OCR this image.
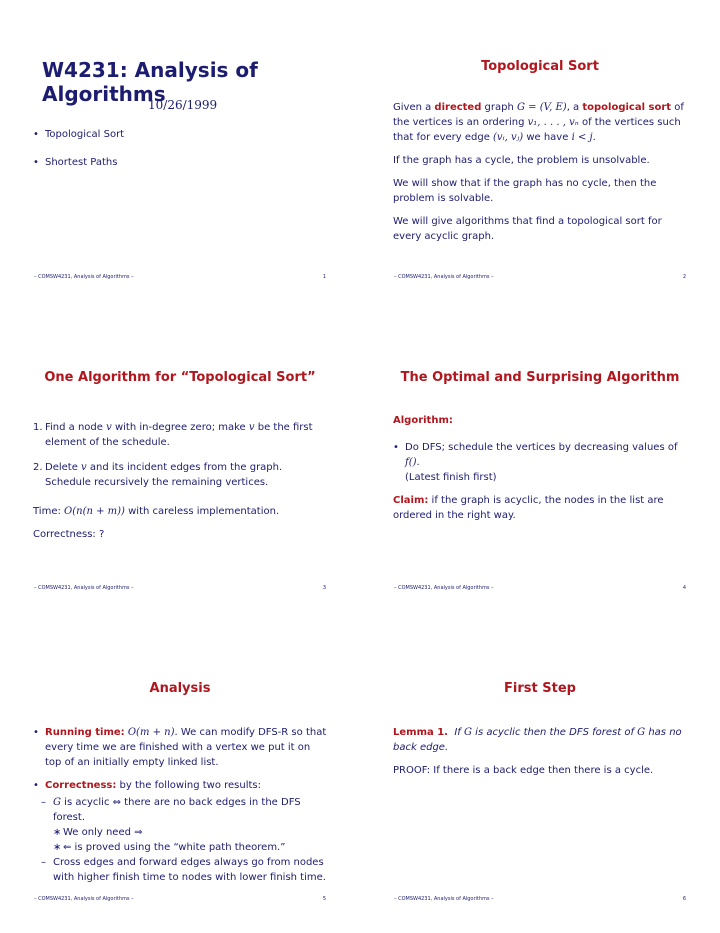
W4231: Analysis of Algorithms
10/26/1999
• Topological Sort
• Shortest Paths
– COMSW4231, Analysis of Algorithms –	1
Topological Sort

Given a directed graph G = (V, E), a topological sort of the vertices is an ordering v₁, . . . , vₙ of the vertices such that for every edge (vᵢ, vⱼ) we have i < j.

If the graph has a cycle, the problem is unsolvable.

We will show that if the graph has no cycle, then the problem is solvable.

We will give algorithms that find a topological sort for every acyclic graph.

– COMSW4231, Analysis of Algorithms –	2
One Algorithm for “Topological Sort”
1. Find a node v with in-degree zero; make v be the first element of the schedule.
2. Delete v and its incident edges from the graph. Schedule recursively the remaining vertices.

Time: O(n(n + m)) with careless implementation.

Correctness: ?

– COMSW4231, Analysis of Algorithms –	3
The Optimal and Surprising Algorithm

Algorithm:

• Do DFS; schedule the vertices by decreasing values of f().
(Latest finish first)

Claim: if the graph is acyclic, the nodes in the list are ordered in the right way.

– COMSW4231, Analysis of Algorithms –	4
Analysis
• Running time: O(m + n). We can modify DFS-R so that every time we are finished with a vertex we put it on top of an initially empty linked list.
• Correctness: by the following two results:
– G is acyclic ⇔ there are no back edges in the DFS forest.
∗ We only need ⇒
∗ ⇐ is proved using the “white path theorem.”
– Cross edges and forward edges always go from nodes with higher finish time to nodes with lower finish time.
– COMSW4231, Analysis of Algorithms –	5
First Step

Lemma 1. If G is acyclic then the DFS forest of G has no back edge.

PROOF: If there is a back edge then there is a cycle.

– COMSW4231, Analysis of Algorithms –	6
